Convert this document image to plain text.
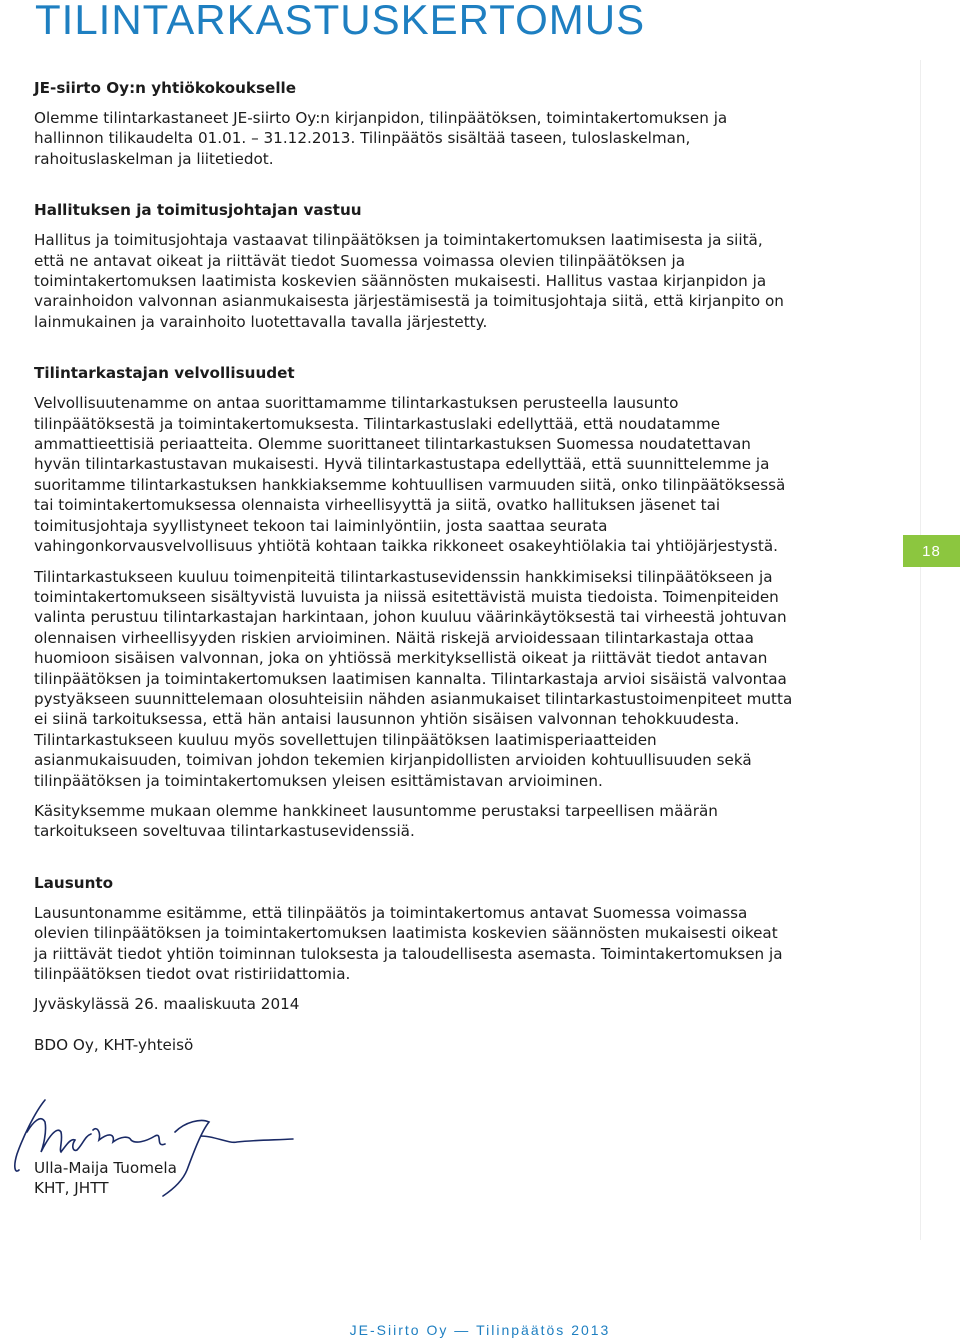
TILINTARKASTUSKERTOMUS
JE-siirto Oy:n yhtiökokoukselle

Olemme tilintarkastaneet JE-siirto Oy:n kirjanpidon, tilinpäätöksen, toimintakertomuksen ja hallinnon tilikaudelta 01.01. – 31.12.2013. Tilinpäätös sisältää taseen, tuloslaskelman, rahoituslaskelman ja liitetiedot.

Hallituksen ja toimitusjohtajan vastuu

Hallitus ja toimitusjohtaja vastaavat tilinpäätöksen ja toimintakertomuksen laatimisesta ja siitä, että ne antavat oikeat ja riittävät tiedot Suomessa voimassa olevien tilinpäätöksen ja toimintakertomuksen laatimista koskevien säännösten mukaisesti. Hallitus vastaa kirjanpidon ja varainhoidon valvonnan asianmukaisesta järjestämisestä ja toimitusjohtaja siitä, että kirjanpito on lainmukainen ja varainhoito luotettavalla tavalla järjestetty.

Tilintarkastajan velvollisuudet

Velvollisuutenamme on antaa suorittamamme tilintarkastuksen perusteella lausunto tilinpäätöksestä ja toimintakertomuksesta. Tilintarkastuslaki edellyttää, että noudatamme ammattieettisiä periaatteita. Olemme suorittaneet tilintarkastuksen Suomessa noudatettavan hyvän tilintarkastustavan mukaisesti. Hyvä tilintarkastustapa edellyttää, että suunnittelemme ja suoritamme tilintarkastuksen hankkiaksemme kohtuullisen varmuuden siitä, onko tilinpäätöksessä tai toimintakertomuksessa olennaista virheellisyyttä ja siitä, ovatko hallituksen jäsenet tai toimitusjohtaja syyllistyneet tekoon tai laiminlyöntiin, josta saattaa seurata vahingonkorvausvelvollisuus yhtiötä kohtaan taikka rikkoneet osakeyhtiölakia tai yhtiöjärjestystä.

Tilintarkastukseen kuuluu toimenpiteitä tilintarkastusevidenssin hankkimiseksi tilinpäätökseen ja toimintakertomukseen sisältyvistä luvuista ja niissä esitettävistä muista tiedoista. Toimenpiteiden valinta perustuu tilintarkastajan harkintaan, johon kuuluu väärinkäytöksestä tai virheestä johtuvan olennaisen virheellisyyden riskien arvioiminen. Näitä riskejä arvioidessaan tilintarkastaja ottaa huomioon sisäisen valvonnan, joka on yhtiössä merkityksellistä oikeat ja riittävät tiedot antavan tilinpäätöksen ja toimintakertomuksen laatimisen kannalta. Tilintarkastaja arvioi sisäistä valvontaa pystyäkseen suunnittelemaan olosuhteisiin nähden asianmukaiset tilintarkastustoimenpiteet mutta ei siinä tarkoituksessa, että hän antaisi lausunnon yhtiön sisäisen valvonnan tehokkuudesta. Tilintarkastukseen kuuluu myös sovellettujen tilinpäätöksen laatimisperiaatteiden asianmukaisuuden, toimivan johdon tekemien kirjanpidollisten arvioiden kohtuullisuuden sekä tilinpäätöksen ja toimintakertomuksen yleisen esittämistavan arvioiminen.

Käsityksemme mukaan olemme hankkineet lausuntomme perustaksi tarpeellisen määrän tarkoitukseen soveltuvaa tilintarkastusevidenssiä.

Lausunto

Lausuntonamme esitämme, että tilinpäätös ja toimintakertomus antavat Suomessa voimassa olevien tilinpäätöksen ja toimintakertomuksen laatimista koskevien säännösten mukaisesti oikeat ja riittävät tiedot yhtiön toiminnan tuloksesta ja taloudellisesta asemasta. Toimintakertomuksen ja tilinpäätöksen tiedot ovat ristiriidattomia.

Jyväskylässä 26. maaliskuuta 2014

BDO Oy, KHT-yhteisö

Ulla-Maija Tuomela
KHT, JHTT
18
JE-Siirto Oy — Tilinpäätös 2013
